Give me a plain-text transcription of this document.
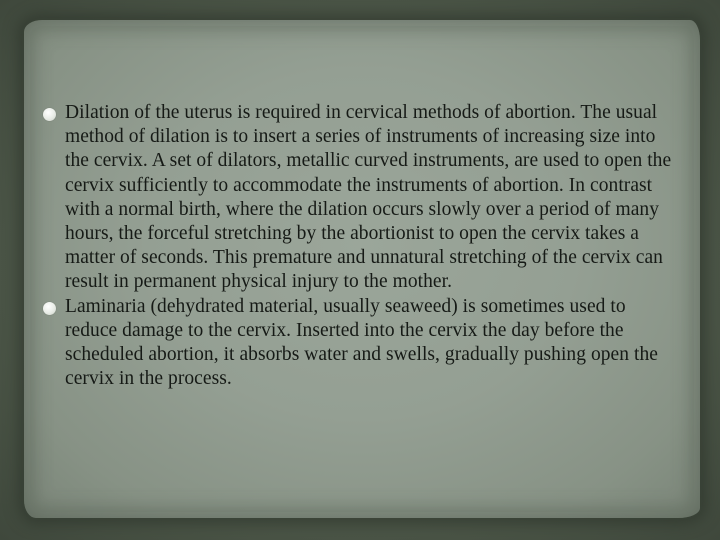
Dilation of the uterus is required in cervical methods of abortion. The usual method of dilation is to insert a series of instruments of increasing size into the cervix. A set of dilators, metallic curved instruments, are used to open the cervix sufficiently to accommodate the instruments of abortion. In contrast with a normal birth, where the dilation occurs slowly over a period of many hours, the forceful stretching by the abortionist to open the cervix takes a matter of seconds. This premature and unnatural stretching of the cervix can result in permanent physical injury to the mother.
Laminaria (dehydrated material, usually seaweed) is sometimes used to reduce damage to the cervix. Inserted into the cervix the day before the scheduled abortion, it absorbs water and swells, gradually pushing open the cervix in the process.
